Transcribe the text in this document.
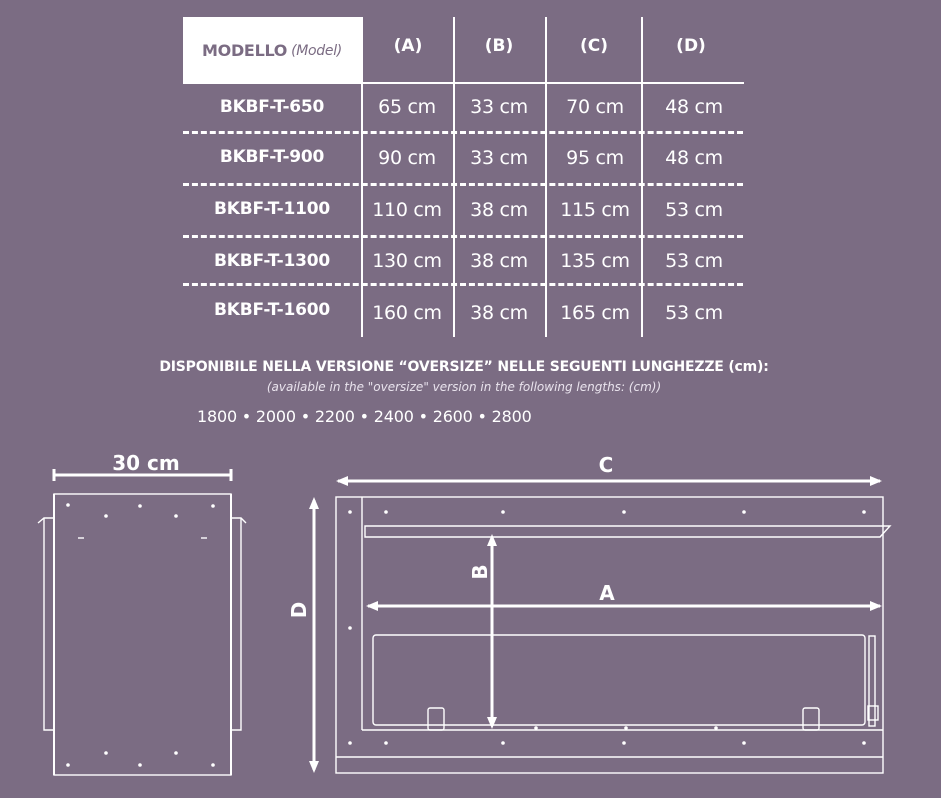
MODELLO (Model)	(A)	(B)	(C)	(D)
BKBF-T-650	65 cm	33 cm	70 cm	48 cm
BKBF-T-900	90 cm	33 cm	95 cm	48 cm
BKBF-T-1100	110 cm	38 cm	115 cm	53 cm
BKBF-T-1300	130 cm	38 cm	135 cm	53 cm
BKBF-T-1600	160 cm	38 cm	165 cm	53 cm
DISPONIBILE NELLA VERSIONE “OVERSIZE” NELLE SEGUENTI LUNGHEZZE (cm):
(available in the "oversize" version in the following lengths: (cm))
1800 • 2000 • 2200 • 2400 • 2600 • 2800
30 cm	C
A
B
D
